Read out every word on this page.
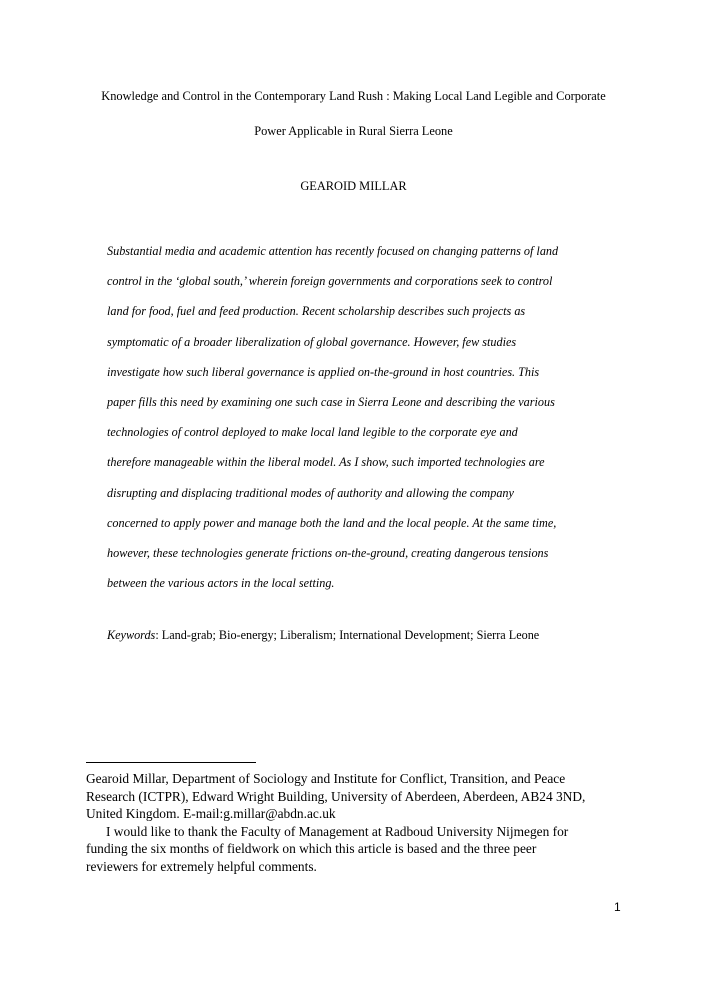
Knowledge and Control in the Contemporary Land Rush : Making Local Land Legible and Corporate
Power Applicable in Rural Sierra Leone
GEAROID MILLAR
Substantial media and academic attention has recently focused on changing patterns of land
control in the ‘global south,’ wherein foreign governments and corporations seek to control
land for food, fuel and feed production. Recent scholarship describes such projects as
symptomatic of a broader liberalization of global governance. However, few studies
investigate how such liberal governance is applied on-the-ground in host countries. This
paper fills this need by examining one such case in Sierra Leone and describing the various
technologies of control deployed to make local land legible to the corporate eye and
therefore manageable within the liberal model. As I show, such imported technologies are
disrupting and displacing traditional modes of authority and allowing the company
concerned to apply power and manage both the land and the local people. At the same time,
however, these technologies generate frictions on-the-ground, creating dangerous tensions
between the various actors in the local setting.
Keywords: Land-grab; Bio-energy; Liberalism; International Development; Sierra Leone
Gearoid Millar, Department of Sociology and Institute for Conflict, Transition, and Peace
Research (ICTPR), Edward Wright Building, University of Aberdeen, Aberdeen, AB24 3ND,
United Kingdom. E-mail:g.millar@abdn.ac.uk
I would like to thank the Faculty of Management at Radboud University Nijmegen for
funding the six months of fieldwork on which this article is based and the three peer
reviewers for extremely helpful comments.
1
